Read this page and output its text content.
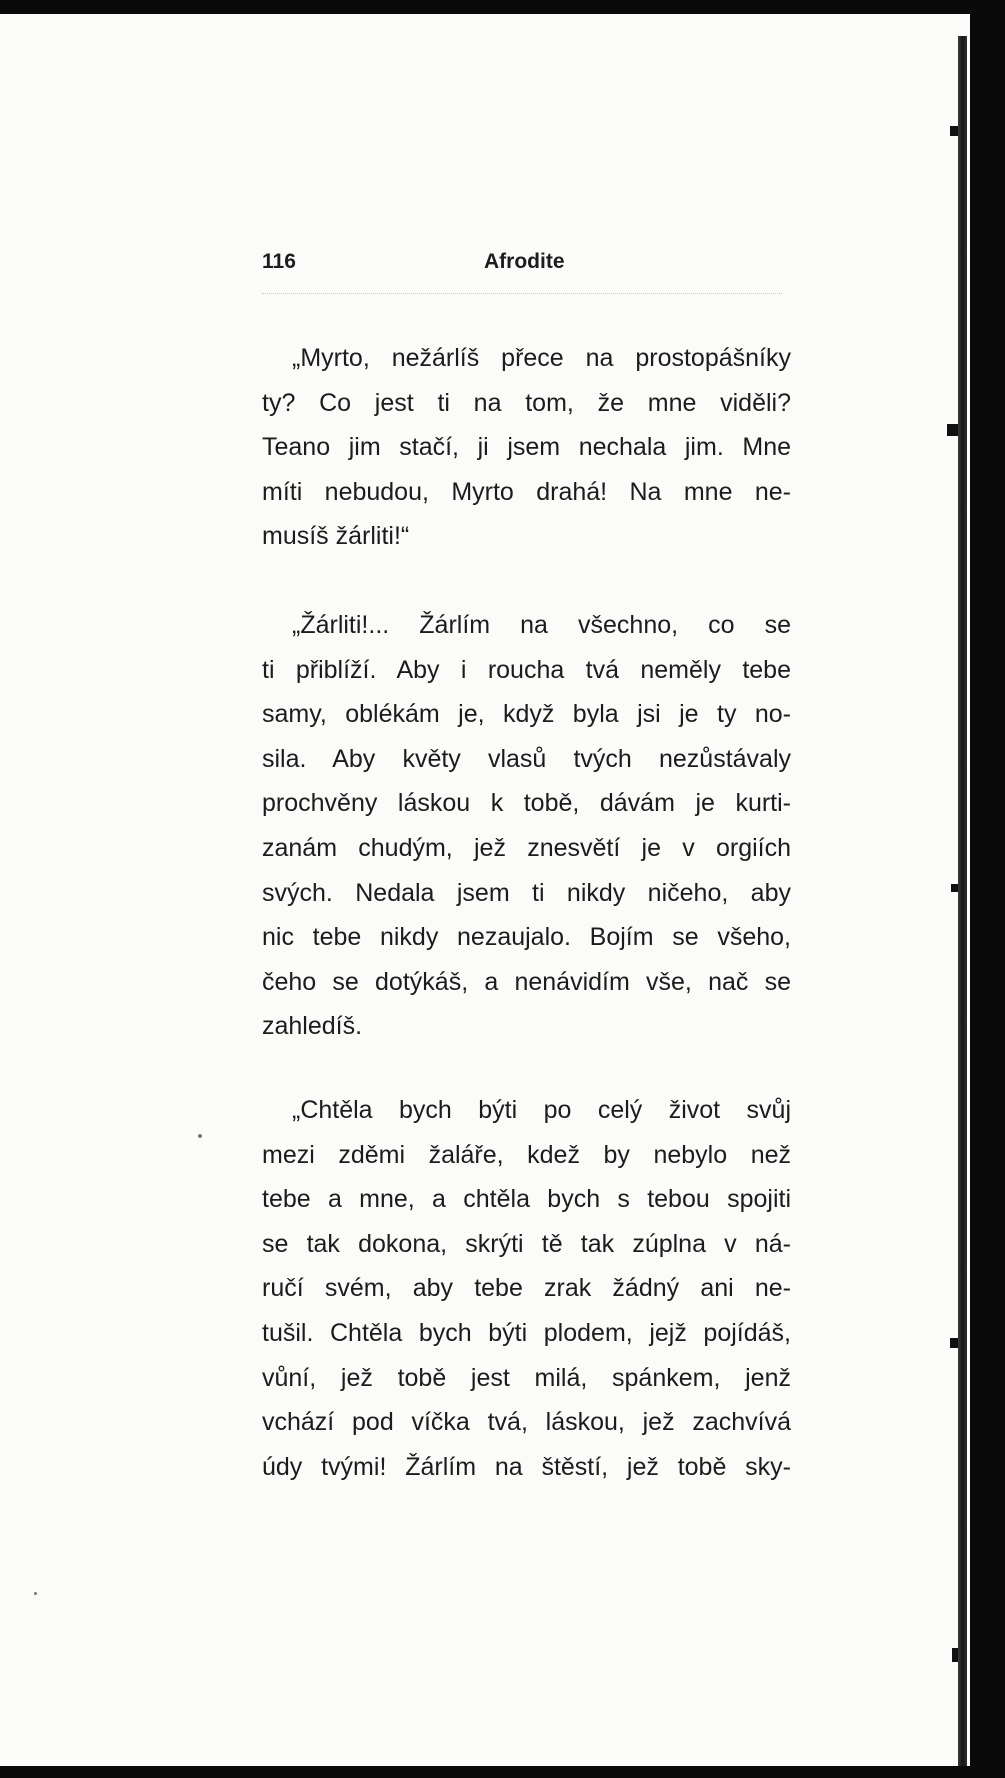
116	Afrodite
„Myrto, nežárlíš přece na prostopášníky
ty? Co jest ti na tom, že mne viděli?
Teano jim stačí, ji jsem nechala jim. Mne
míti nebudou, Myrto drahá! Na mne ne-
musíš žárliti!“
„Žárliti!... Žárlím na všechno, co se
ti přiblíží. Aby i roucha tvá neměly tebe
samy, oblékám je, když byla jsi je ty no-
sila. Aby květy vlasů tvých nezůstávaly
prochvěny láskou k tobě, dávám je kurti-
zanám chudým, jež znesvětí je v orgiích
svých. Nedala jsem ti nikdy ničeho, aby
nic tebe nikdy nezaujalo. Bojím se všeho,
čeho se dotýkáš, a nenávidím vše, nač se
zahledíš.
„Chtěla bych býti po celý život svůj
mezi zděmi žaláře, kdež by nebylo než
tebe a mne, a chtěla bych s tebou spojiti
se tak dokona, skrýti tě tak zúplna v ná-
ručí svém, aby tebe zrak žádný ani ne-
tušil. Chtěla bych býti plodem, jejž pojídáš,
vůní, jež tobě jest milá, spánkem, jenž
vchází pod víčka tvá, láskou, jež zachvívá
údy tvými! Žárlím na štěstí, jež tobě sky-
